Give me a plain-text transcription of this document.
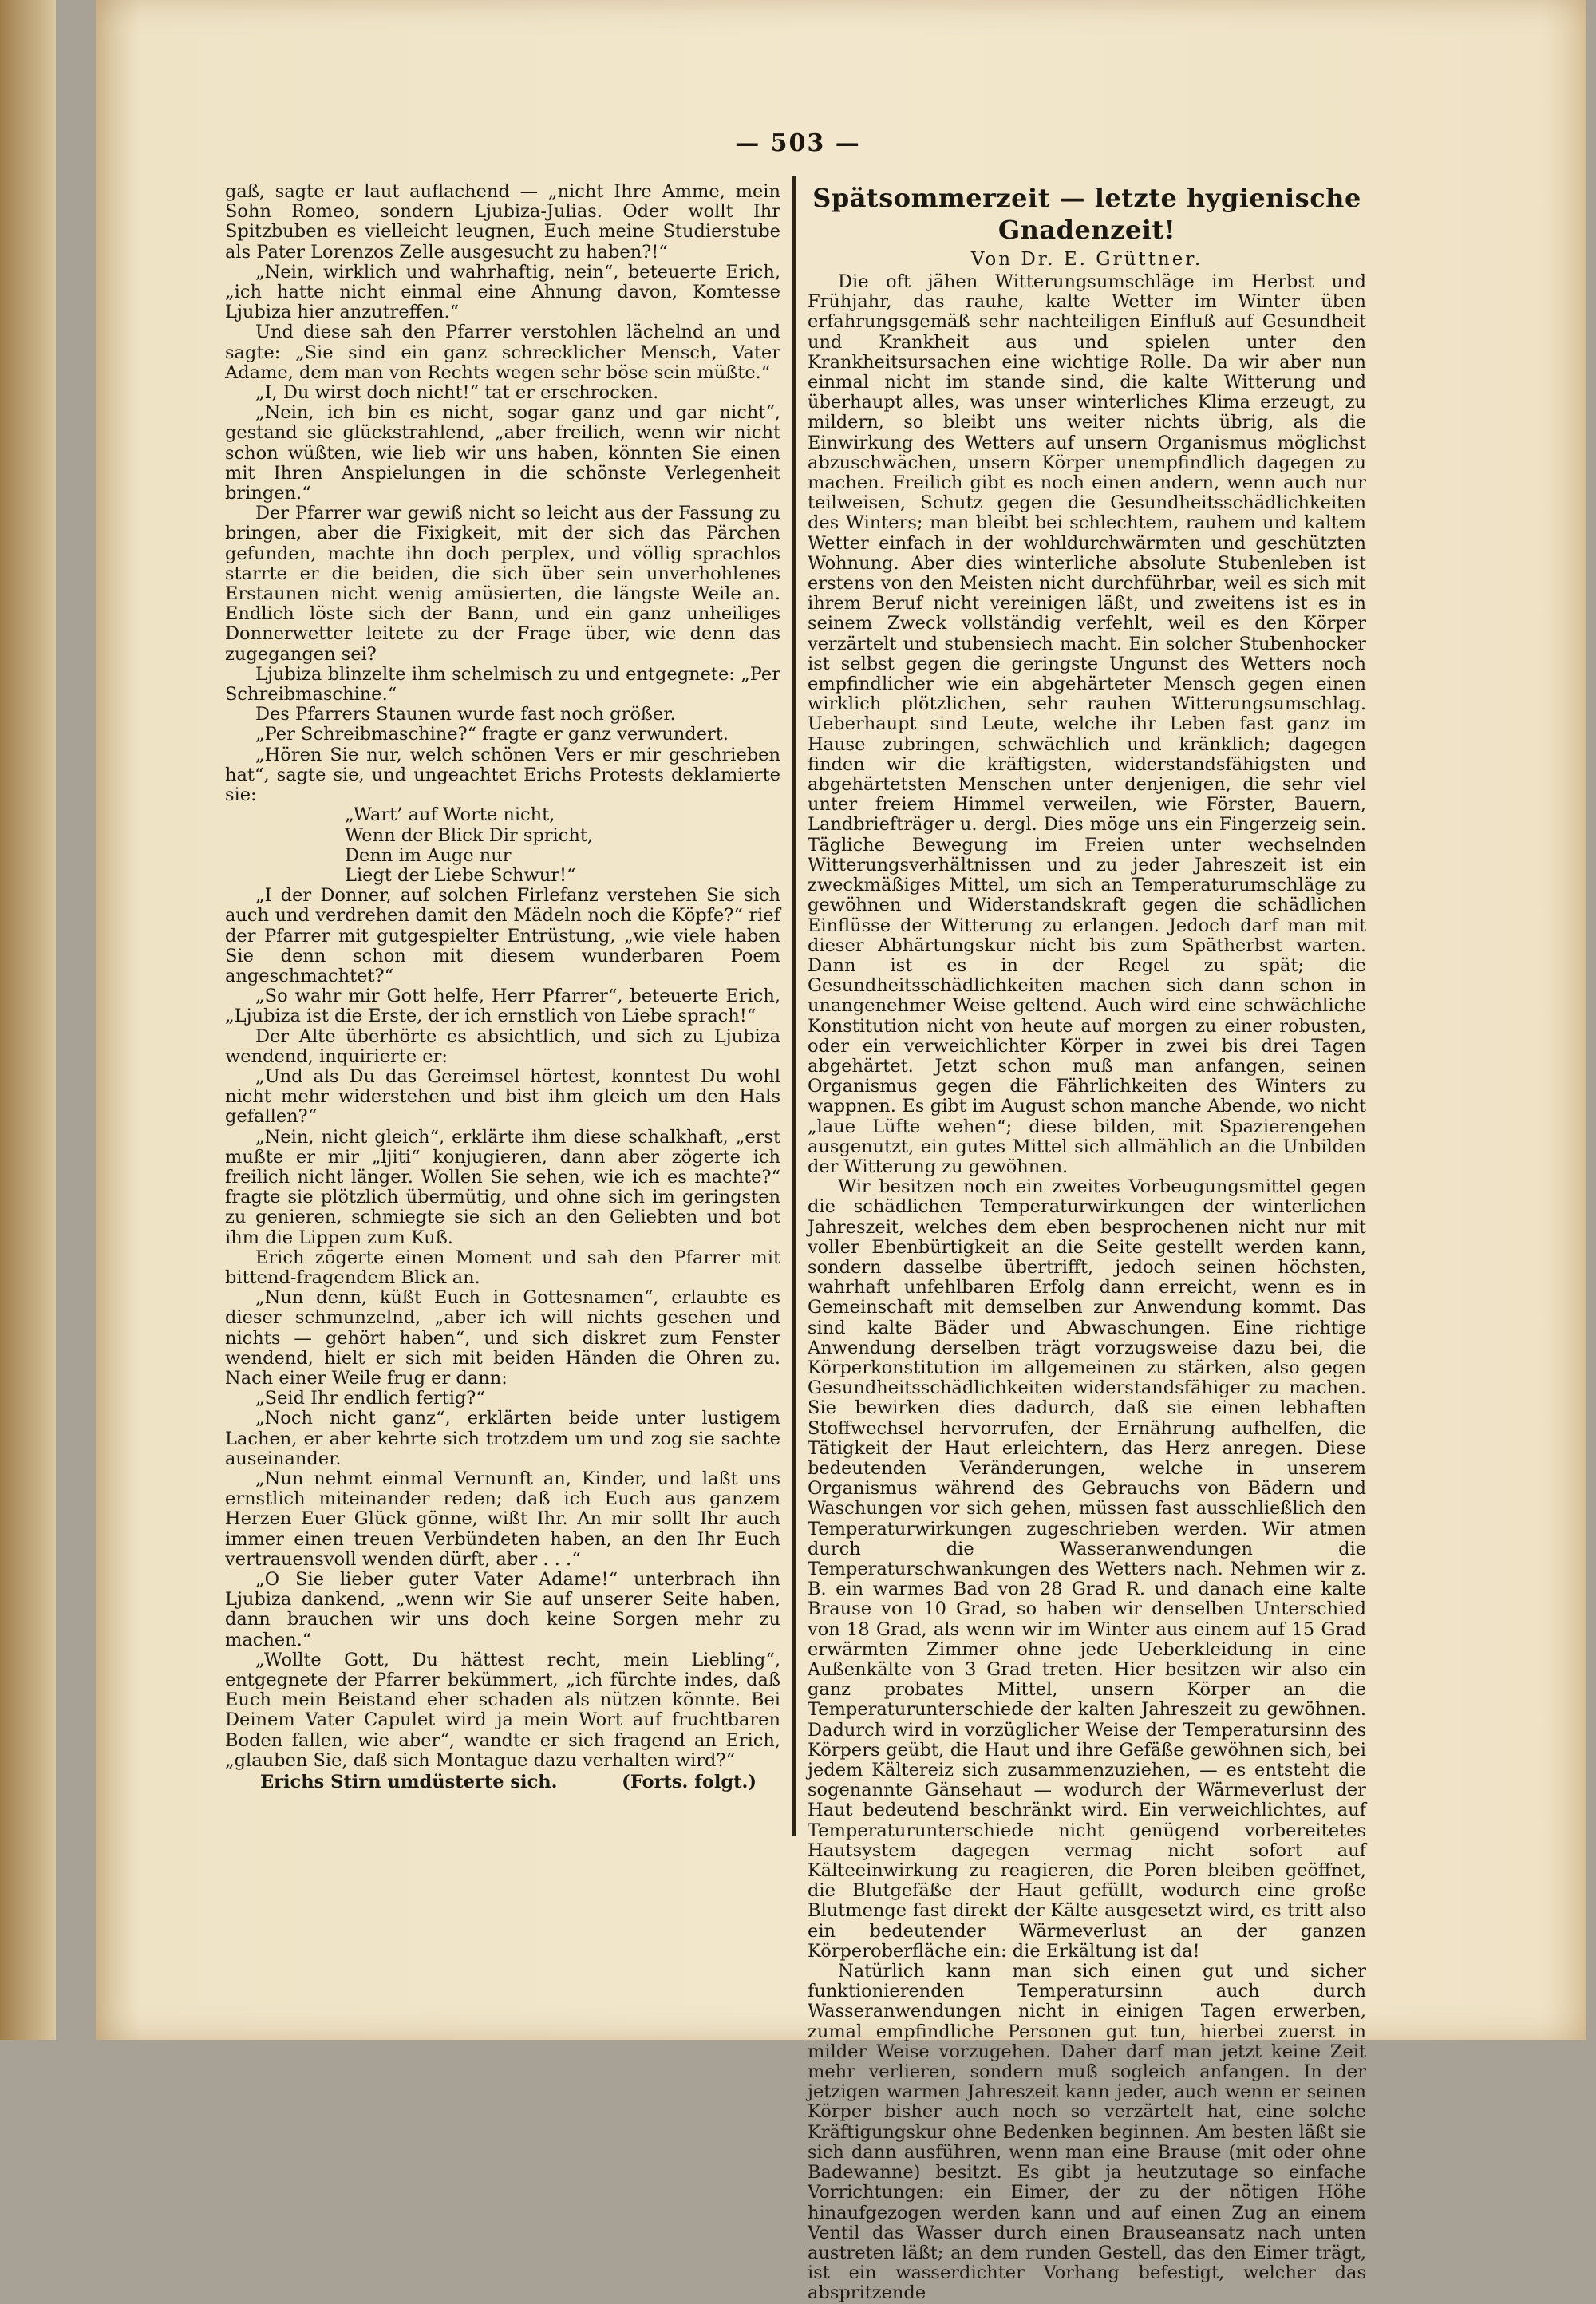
— 503 —

gaß, sagte er laut auflachend — „nicht Ihre Amme, mein Sohn Romeo, sondern Ljubiza-Julias. Oder wollt Ihr Spitzbuben es vielleicht leugnen, Euch meine Studierstube als Pater Lorenzos Zelle ausgesucht zu haben?!“

„Nein, wirklich und wahrhaftig, nein“, beteuerte Erich, „ich hatte nicht einmal eine Ahnung davon, Komtesse Ljubiza hier anzutreffen.“

Und diese sah den Pfarrer verstohlen lächelnd an und sagte: „Sie sind ein ganz schrecklicher Mensch, Vater Adame, dem man von Rechts wegen sehr böse sein müßte.“

„I, Du wirst doch nicht!“ tat er erschrocken.

„Nein, ich bin es nicht, sogar ganz und gar nicht“, gestand sie glückstrahlend, „aber freilich, wenn wir nicht schon wüßten, wie lieb wir uns haben, könnten Sie einen mit Ihren Anspielungen in die schönste Verlegenheit bringen.“

Der Pfarrer war gewiß nicht so leicht aus der Fassung zu bringen, aber die Fixigkeit, mit der sich das Pärchen gefunden, machte ihn doch perplex, und völlig sprachlos starrte er die beiden, die sich über sein unverhohlenes Erstaunen nicht wenig amüsierten, die längste Weile an. Endlich löste sich der Bann, und ein ganz unheiliges Donnerwetter leitete zu der Frage über, wie denn das zugegangen sei?

Ljubiza blinzelte ihm schelmisch zu und entgegnete: „Per Schreibmaschine.“

Des Pfarrers Staunen wurde fast noch größer.

„Per Schreibmaschine?“ fragte er ganz verwundert.

„Hören Sie nur, welch schönen Vers er mir geschrieben hat“, sagte sie, und ungeachtet Erichs Protests deklamierte sie:

„Wart’ auf Worte nicht,
Wenn der Blick Dir spricht,
Denn im Auge nur
Liegt der Liebe Schwur!“

„I der Donner, auf solchen Firlefanz verstehen Sie sich auch und verdrehen damit den Mädeln noch die Köpfe?“ rief der Pfarrer mit gutgespielter Entrüstung, „wie viele haben Sie denn schon mit diesem wunderbaren Poem angeschmachtet?“

„So wahr mir Gott helfe, Herr Pfarrer“, beteuerte Erich, „Ljubiza ist die Erste, der ich ernstlich von Liebe sprach!“

Der Alte überhörte es absichtlich, und sich zu Ljubiza wendend, inquirierte er:

„Und als Du das Gereimsel hörtest, konntest Du wohl nicht mehr widerstehen und bist ihm gleich um den Hals gefallen?“

„Nein, nicht gleich“, erklärte ihm diese schalkhaft, „erst mußte er mir „ljiti“ konjugieren, dann aber zögerte ich freilich nicht länger. Wollen Sie sehen, wie ich es machte?“ fragte sie plötzlich übermütig, und ohne sich im geringsten zu genieren, schmiegte sie sich an den Geliebten und bot ihm die Lippen zum Kuß.

Erich zögerte einen Moment und sah den Pfarrer mit bittend-fragendem Blick an.

„Nun denn, küßt Euch in Gottesnamen“, erlaubte es dieser schmunzelnd, „aber ich will nichts gesehen und nichts — gehört haben“, und sich diskret zum Fenster wendend, hielt er sich mit beiden Händen die Ohren zu. Nach einer Weile frug er dann:

„Seid Ihr endlich fertig?“

„Noch nicht ganz“, erklärten beide unter lustigem Lachen, er aber kehrte sich trotzdem um und zog sie sachte auseinander.

„Nun nehmt einmal Vernunft an, Kinder, und laßt uns ernstlich miteinander reden; daß ich Euch aus ganzem Herzen Euer Glück gönne, wißt Ihr. An mir sollt Ihr auch immer einen treuen Verbündeten haben, an den Ihr Euch vertrauensvoll wenden dürft, aber . . .“

„O Sie lieber guter Vater Adame!“ unterbrach ihn Ljubiza dankend, „wenn wir Sie auf unserer Seite haben, dann brauchen wir uns doch keine Sorgen mehr zu machen.“

„Wollte Gott, Du hättest recht, mein Liebling“, entgegnete der Pfarrer bekümmert, „ich fürchte indes, daß Euch mein Beistand eher schaden als nützen könnte. Bei Deinem Vater Capulet wird ja mein Wort auf fruchtbaren Boden fallen, wie aber“, wandte er sich fragend an Erich, „glauben Sie, daß sich Montague dazu verhalten wird?“

Erichs Stirn umdüsterte sich.	(Forts. folgt.)
Spätsommerzeit — letzte hygienische Gnadenzeit!
Von Dr. E. Grüttner.

Die oft jähen Witterungsumschläge im Herbst und Frühjahr, das rauhe, kalte Wetter im Winter üben erfahrungsgemäß sehr nachteiligen Einfluß auf Gesundheit und Krankheit aus und spielen unter den Krankheitsursachen eine wichtige Rolle. Da wir aber nun einmal nicht im stande sind, die kalte Witterung und überhaupt alles, was unser winterliches Klima erzeugt, zu mildern, so bleibt uns weiter nichts übrig, als die Einwirkung des Wetters auf unsern Organismus möglichst abzuschwächen, unsern Körper unempfindlich dagegen zu machen. Freilich gibt es noch einen andern, wenn auch nur teilweisen, Schutz gegen die Gesundheitsschädlichkeiten des Winters; man bleibt bei schlechtem, rauhem und kaltem Wetter einfach in der wohldurchwärmten und geschützten Wohnung. Aber dies winterliche absolute Stubenleben ist erstens von den Meisten nicht durchführbar, weil es sich mit ihrem Beruf nicht vereinigen läßt, und zweitens ist es in seinem Zweck vollständig verfehlt, weil es den Körper verzärtelt und stubensiech macht. Ein solcher Stubenhocker ist selbst gegen die geringste Ungunst des Wetters noch empfindlicher wie ein abgehärteter Mensch gegen einen wirklich plötzlichen, sehr rauhen Witterungsumschlag. Ueberhaupt sind Leute, welche ihr Leben fast ganz im Hause zubringen, schwächlich und kränklich; dagegen finden wir die kräftigsten, widerstandsfähigsten und abgehärtetsten Menschen unter denjenigen, die sehr viel unter freiem Himmel verweilen, wie Förster, Bauern, Landbriefträger u. dergl. Dies möge uns ein Fingerzeig sein. Tägliche Bewegung im Freien unter wechselnden Witterungsverhältnissen und zu jeder Jahreszeit ist ein zweckmäßiges Mittel, um sich an Temperaturumschläge zu gewöhnen und Widerstandskraft gegen die schädlichen Einflüsse der Witterung zu erlangen. Jedoch darf man mit dieser Abhärtungskur nicht bis zum Spätherbst warten. Dann ist es in der Regel zu spät; die Gesundheitsschädlichkeiten machen sich dann schon in unangenehmer Weise geltend. Auch wird eine schwächliche Konstitution nicht von heute auf morgen zu einer robusten, oder ein verweichlichter Körper in zwei bis drei Tagen abgehärtet. Jetzt schon muß man anfangen, seinen Organismus gegen die Fährlichkeiten des Winters zu wappnen. Es gibt im August schon manche Abende, wo nicht „laue Lüfte wehen“; diese bilden, mit Spazierengehen ausgenutzt, ein gutes Mittel sich allmählich an die Unbilden der Witterung zu gewöhnen.

Wir besitzen noch ein zweites Vorbeugungsmittel gegen die schädlichen Temperaturwirkungen der winterlichen Jahreszeit, welches dem eben besprochenen nicht nur mit voller Ebenbürtigkeit an die Seite gestellt werden kann, sondern dasselbe übertrifft, jedoch seinen höchsten, wahrhaft unfehlbaren Erfolg dann erreicht, wenn es in Gemeinschaft mit demselben zur Anwendung kommt. Das sind kalte Bäder und Abwaschungen. Eine richtige Anwendung derselben trägt vorzugsweise dazu bei, die Körperkonstitution im allgemeinen zu stärken, also gegen Gesundheitsschädlichkeiten widerstandsfähiger zu machen. Sie bewirken dies dadurch, daß sie einen lebhaften Stoffwechsel hervorrufen, der Ernährung aufhelfen, die Tätigkeit der Haut erleichtern, das Herz anregen. Diese bedeutenden Veränderungen, welche in unserem Organismus während des Gebrauchs von Bädern und Waschungen vor sich gehen, müssen fast ausschließlich den Temperaturwirkungen zugeschrieben werden. Wir atmen durch die Wasseranwendungen die Temperaturschwankungen des Wetters nach. Nehmen wir z. B. ein warmes Bad von 28 Grad R. und danach eine kalte Brause von 10 Grad, so haben wir denselben Unterschied von 18 Grad, als wenn wir im Winter aus einem auf 15 Grad erwärmten Zimmer ohne jede Ueberkleidung in eine Außenkälte von 3 Grad treten. Hier besitzen wir also ein ganz probates Mittel, unsern Körper an die Temperaturunterschiede der kalten Jahreszeit zu gewöhnen. Dadurch wird in vorzüglicher Weise der Temperatursinn des Körpers geübt, die Haut und ihre Gefäße gewöhnen sich, bei jedem Kältereiz sich zusammenzuziehen, — es entsteht die sogenannte Gänsehaut — wodurch der Wärmeverlust der Haut bedeutend beschränkt wird. Ein verweichlichtes, auf Temperaturunterschiede nicht genügend vorbereitetes Hautsystem dagegen vermag nicht sofort auf Kälteeinwirkung zu reagieren, die Poren bleiben geöffnet, die Blutgefäße der Haut gefüllt, wodurch eine große Blutmenge fast direkt der Kälte ausgesetzt wird, es tritt also ein bedeutender Wärmeverlust an der ganzen Körperoberfläche ein: die Erkältung ist da!

Natürlich kann man sich einen gut und sicher funktionierenden Temperatursinn auch durch Wasseranwendungen nicht in einigen Tagen erwerben, zumal empfindliche Personen gut tun, hierbei zuerst in milder Weise vorzugehen. Daher darf man jetzt keine Zeit mehr verlieren, sondern muß sogleich anfangen. In der jetzigen warmen Jahreszeit kann jeder, auch wenn er seinen Körper bisher auch noch so verzärtelt hat, eine solche Kräftigungskur ohne Bedenken beginnen. Am besten läßt sie sich dann ausführen, wenn man eine Brause (mit oder ohne Badewanne) besitzt. Es gibt ja heutzutage so einfache Vorrichtungen: ein Eimer, der zu der nötigen Höhe hinaufgezogen werden kann und auf einen Zug an einem Ventil das Wasser durch einen Brauseansatz nach unten austreten läßt; an dem runden Gestell, das den Eimer trägt, ist ein wasserdichter Vorhang befestigt, welcher das abspritzende
